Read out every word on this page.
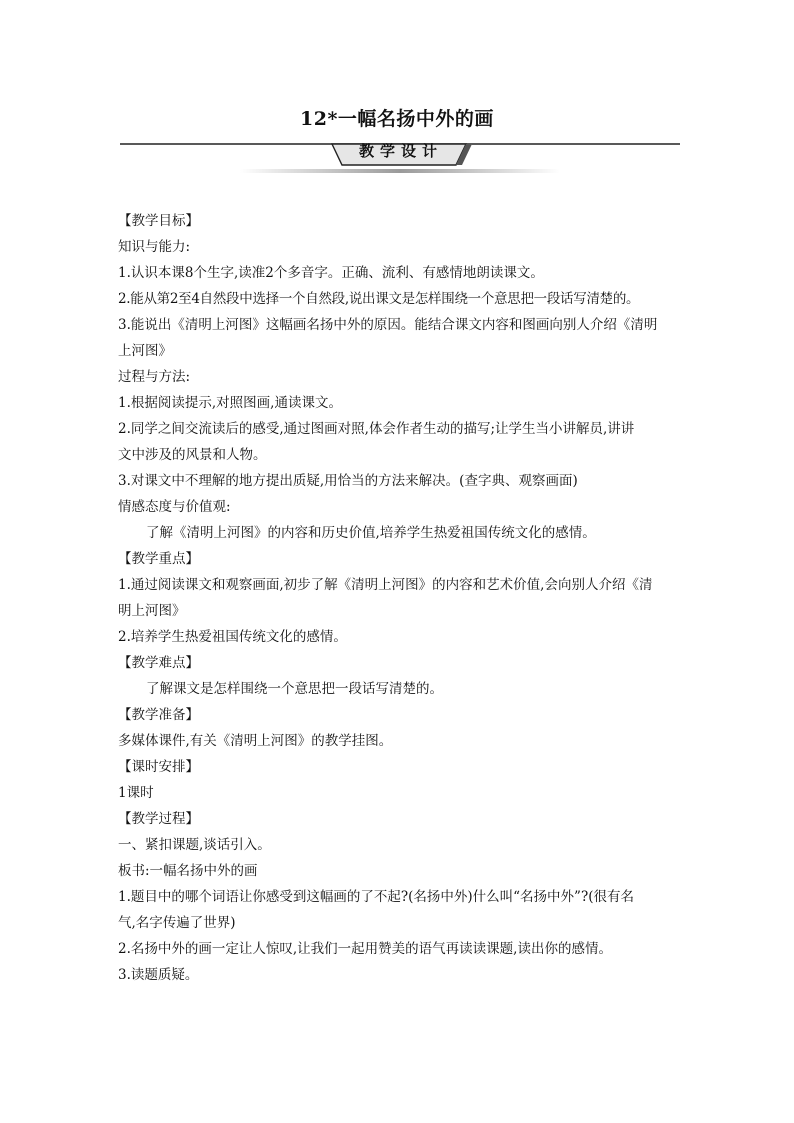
12*一幅名扬中外的画
教学设计
【教学目标】
知识与能力:
1.认识本课8个生字,读准2个多音字。正确、流利、有感情地朗读课文。
2.能从第2至4自然段中选择一个自然段,说出课文是怎样围绕一个意思把一段话写清楚的。
3.能说出《清明上河图》这幅画名扬中外的原因。能结合课文内容和图画向别人介绍《清明
上河图》
过程与方法:
1.根据阅读提示,对照图画,通读课文。
2.同学之间交流读后的感受,通过图画对照,体会作者生动的描写;让学生当小讲解员,讲讲
文中涉及的风景和人物。
3.对课文中不理解的地方提出质疑,用恰当的方法来解决。(查字典、观察画面)
情感态度与价值观:
了解《清明上河图》的内容和历史价值,培养学生热爱祖国传统文化的感情。
【教学重点】
1.通过阅读课文和观察画面,初步了解《清明上河图》的内容和艺术价值,会向别人介绍《清
明上河图》
2.培养学生热爱祖国传统文化的感情。
【教学难点】
了解课文是怎样围绕一个意思把一段话写清楚的。
【教学准备】
多媒体课件,有关《清明上河图》的教学挂图。
【课时安排】
1课时
【教学过程】
一、紧扣课题,谈话引入。
板书:一幅名扬中外的画
1.题目中的哪个词语让你感受到这幅画的了不起?(名扬中外)什么叫“名扬中外”?(很有名
气,名字传遍了世界)
2.名扬中外的画一定让人惊叹,让我们一起用赞美的语气再读读课题,读出你的感情。
3.读题质疑。
